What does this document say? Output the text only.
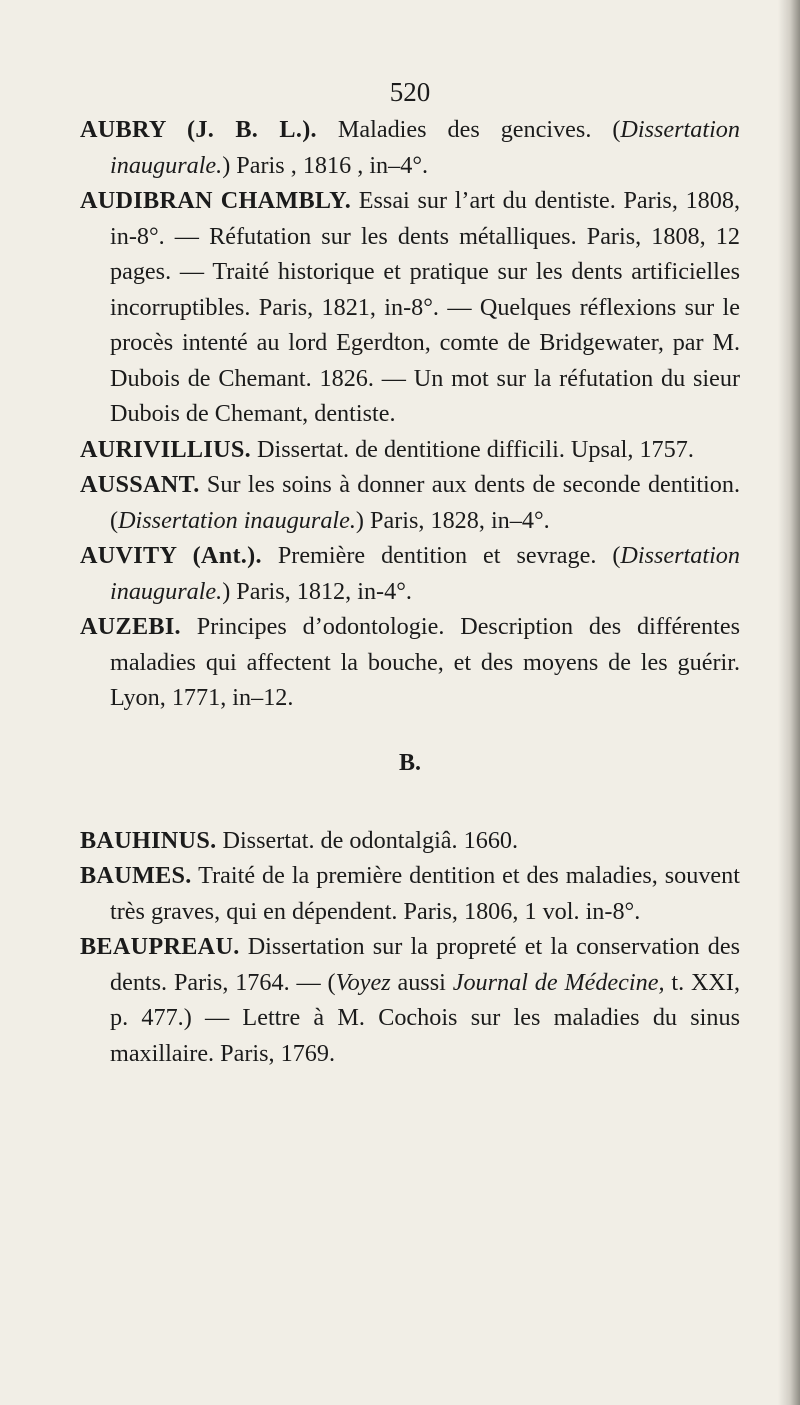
520

AUBRY (J. B. L.). Maladies des gencives. (Dissertation inaugurale.) Paris , 1816 , in–4°.

AUDIBRAN CHAMBLY. Essai sur l’art du dentiste. Paris, 1808, in-8°. — Réfutation sur les dents métalliques. Paris, 1808, 12 pages. — Traité historique et pratique sur les dents artificielles incorruptibles. Paris, 1821, in-8°. — Quelques réflexions sur le procès intenté au lord Egerdton, comte de Bridgewater, par M. Dubois de Chemant. 1826. — Un mot sur la réfutation du sieur Dubois de Chemant, dentiste.

AURIVILLIUS. Dissertat. de dentitione difficili. Upsal, 1757.

AUSSANT. Sur les soins à donner aux dents de seconde dentition. (Dissertation inaugurale.) Paris, 1828, in–4°.

AUVITY (Ant.). Première dentition et sevrage. (Dissertation inaugurale.) Paris, 1812, in-4°.

AUZEBI. Principes d’odontologie. Description des différentes maladies qui affectent la bouche, et des moyens de les guérir. Lyon, 1771, in–12.

B.

BAUHINUS. Dissertat. de odontalgiâ. 1660.

BAUMES. Traité de la première dentition et des maladies, souvent très graves, qui en dépendent. Paris, 1806, 1 vol. in-8°.

BEAUPREAU. Dissertation sur la propreté et la conservation des dents. Paris, 1764. — (Voyez aussi Journal de Médecine, t. XXI, p. 477.) — Lettre à M. Cochois sur les maladies du sinus maxillaire. Paris, 1769.
